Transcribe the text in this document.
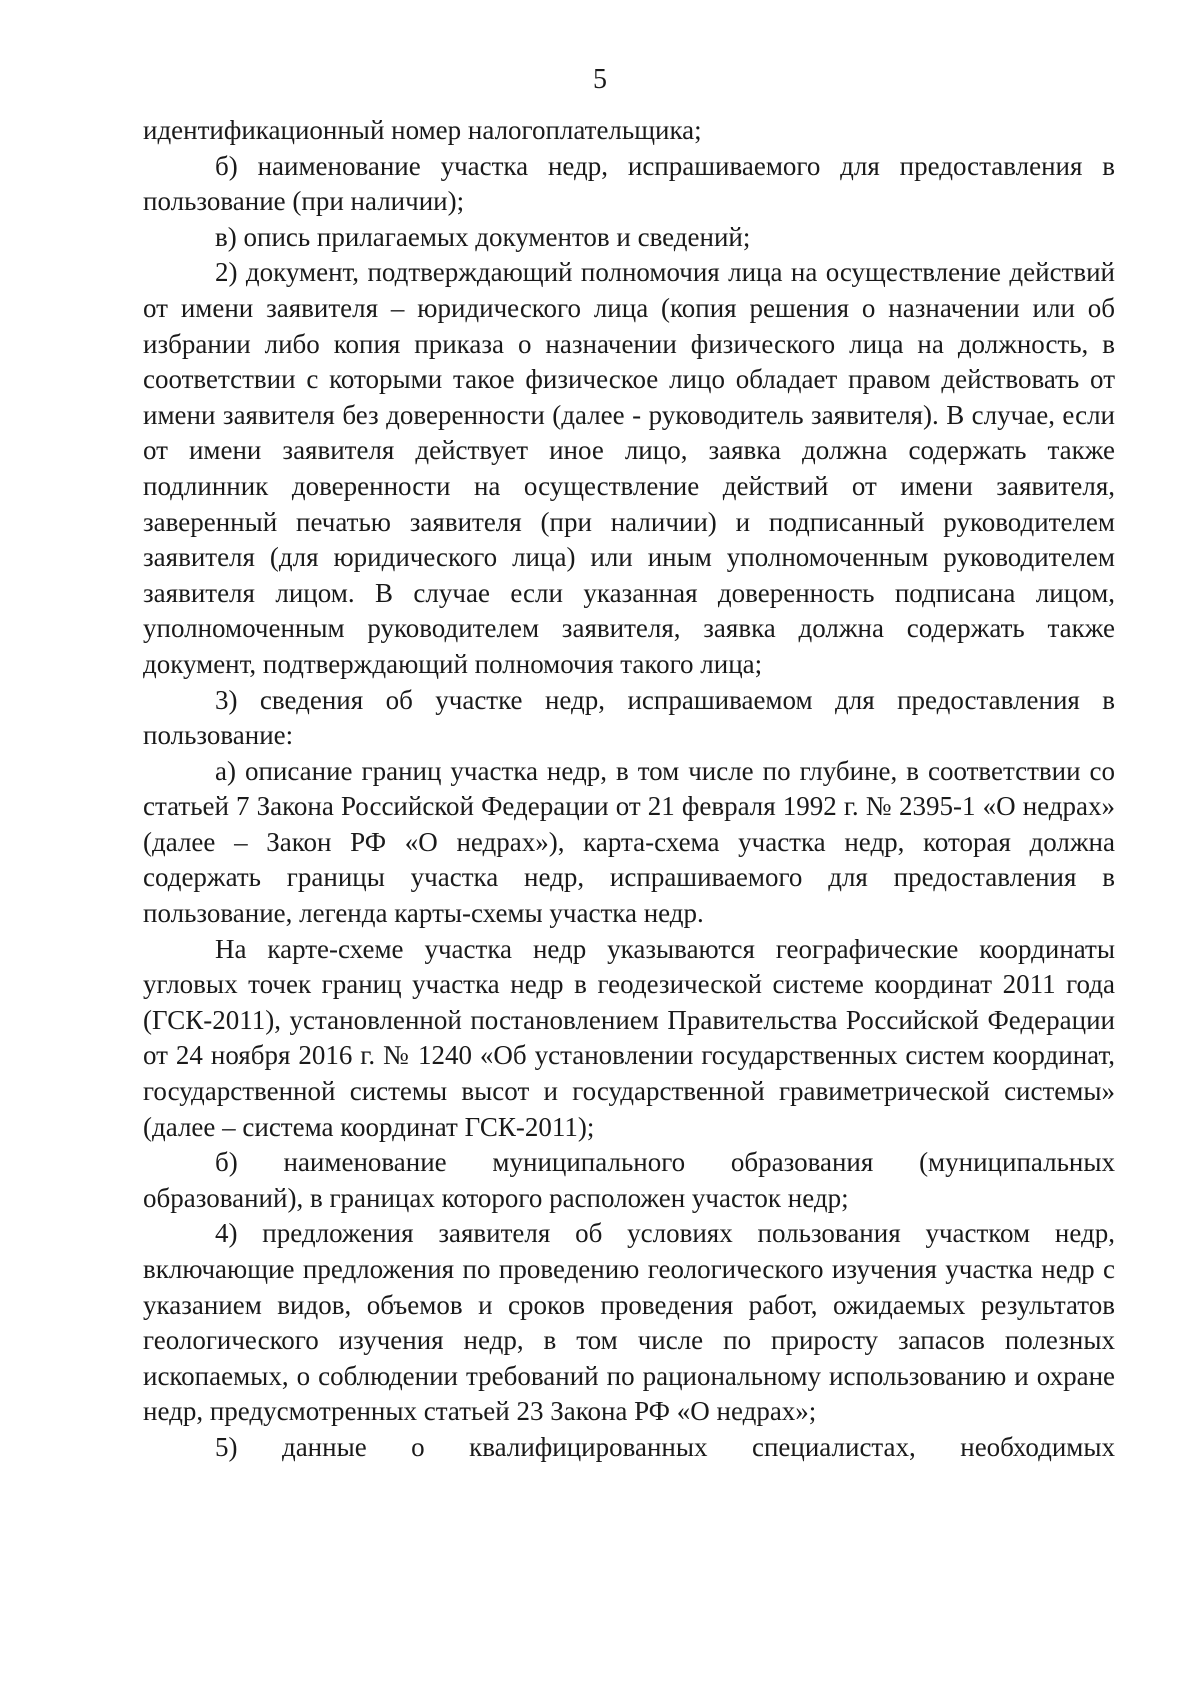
5

идентификационный номер налогоплательщика;

б) наименование участка недр, испрашиваемого для предоставления в пользование (при наличии);

в) опись прилагаемых документов и сведений;

2) документ, подтверждающий полномочия лица на осуществление действий от имени заявителя – юридического лица (копия решения о назначении или об избрании либо копия приказа о назначении физического лица на должность, в соответствии с которыми такое физическое лицо обладает правом действовать от имени заявителя без доверенности (далее - руководитель заявителя). В случае, если от имени заявителя действует иное лицо, заявка должна содержать также подлинник доверенности на осуществление действий от имени заявителя, заверенный печатью заявителя (при наличии) и подписанный руководителем заявителя (для юридического лица) или иным уполномоченным руководителем заявителя лицом. В случае если указанная доверенность подписана лицом, уполномоченным руководителем заявителя, заявка должна содержать также документ, подтверждающий полномочия такого лица;

3) сведения об участке недр, испрашиваемом для предоставления в пользование:

а) описание границ участка недр, в том числе по глубине, в соответствии со статьей 7 Закона Российской Федерации от 21 февраля 1992 г. № 2395-1 «О недрах» (далее – Закон РФ «О недрах»), карта-схема участка недр, которая должна содержать границы участка недр, испрашиваемого для предоставления в пользование, легенда карты-схемы участка недр.

На карте-схеме участка недр указываются географические координаты угловых точек границ участка недр в геодезической системе координат 2011 года (ГСК-2011), установленной постановлением Правительства Российской Федерации от 24 ноября 2016 г. № 1240 «Об установлении государственных систем координат, государственной системы высот и государственной гравиметрической системы» (далее – система координат ГСК-2011);

б) наименование муниципального образования (муниципальных образований), в границах которого расположен участок недр;

4) предложения заявителя об условиях пользования участком недр, включающие предложения по проведению геологического изучения участка недр с указанием видов, объемов и сроков проведения работ, ожидаемых результатов геологического изучения недр, в том числе по приросту запасов полезных ископаемых, о соблюдении требований по рациональному использованию и охране недр, предусмотренных статьей 23 Закона РФ «О недрах»;

5) данные о квалифицированных специалистах, необходимых
